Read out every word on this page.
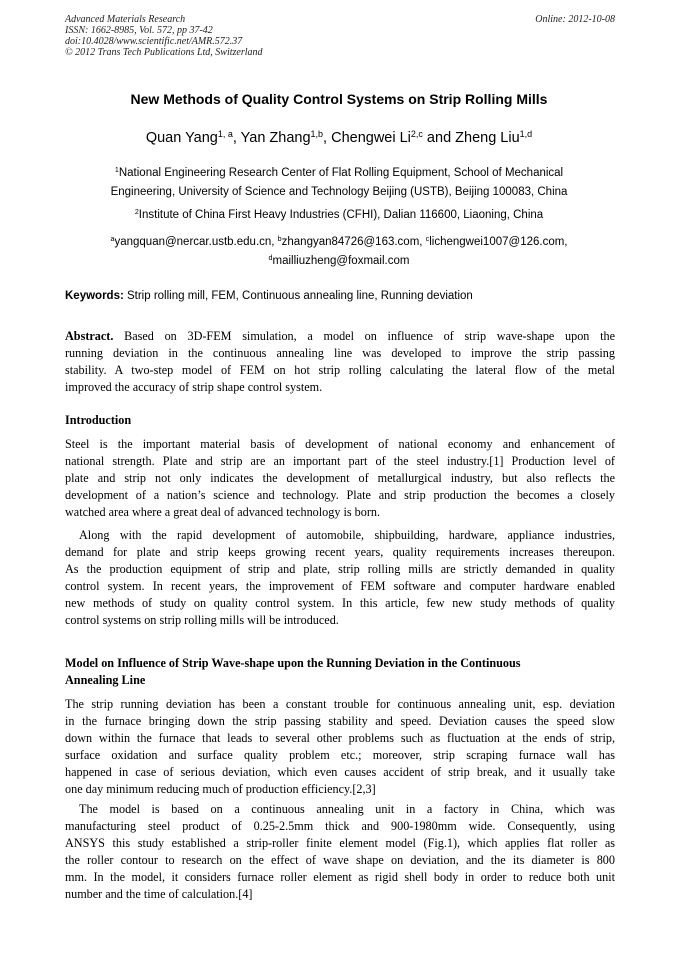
Advanced Materials Research	Online: 2012-10-08
ISSN: 1662-8985, Vol. 572, pp 37-42
doi:10.4028/www.scientific.net/AMR.572.37
© 2012 Trans Tech Publications Ltd, Switzerland
New Methods of Quality Control Systems on Strip Rolling Mills
Quan Yang$^{1, a}$, Yan Zhang$^{1,b}$, Chengwei Li$^{2,c}$ and Zheng Liu$^{1,d}$
$^1$National Engineering Research Center of Flat Rolling Equipment, School of Mechanical
Engineering, University of Science and Technology Beijing (USTB), Beijing 100083, China
$^2$Institute of China First Heavy Industries (CFHI), Dalian 116600, Liaoning, China
$^a$yangquan@nercar.ustb.edu.cn, $^b$zhangyan84726@163.com, $^c$lichengwei1007@126.com,
$^d$mailliuzheng@foxmail.com
Keywords: Strip rolling mill, FEM, Continuous annealing line, Running deviation
Abstract. Based on 3D-FEM simulation, a model on influence of strip wave-shape upon the
running deviation in the continuous annealing line was developed to improve the strip passing
stability. A two-step model of FEM on hot strip rolling calculating the lateral flow of the metal
improved the accuracy of strip shape control system.
Introduction
Steel is the important material basis of development of national economy and enhancement of
national strength. Plate and strip are an important part of the steel industry.[1] Production level of
plate and strip not only indicates the development of metallurgical industry, but also reflects the
development of a nation’s science and technology. Plate and strip production the becomes a closely
watched area where a great deal of advanced technology is born.
Along with the rapid development of automobile, shipbuilding, hardware, appliance industries,
demand for plate and strip keeps growing recent years, quality requirements increases thereupon.
As the production equipment of strip and plate, strip rolling mills are strictly demanded in quality
control system. In recent years, the improvement of FEM software and computer hardware enabled
new methods of study on quality control system. In this article, few new study methods of quality
control systems on strip rolling mills will be introduced.
Model on Influence of Strip Wave-shape upon the Running Deviation in the Continuous
Annealing Line
The strip running deviation has been a constant trouble for continuous annealing unit, esp. deviation
in the furnace bringing down the strip passing stability and speed. Deviation causes the speed slow
down within the furnace that leads to several other problems such as fluctuation at the ends of strip,
surface oxidation and surface quality problem etc.; moreover, strip scraping furnace wall has
happened in case of serious deviation, which even causes accident of strip break, and it usually take
one day minimum reducing much of production efficiency.[2,3]
The model is based on a continuous annealing unit in a factory in China, which was
manufacturing steel product of 0.25-2.5mm thick and 900-1980mm wide. Consequently, using
ANSYS this study established a strip-roller finite element model (Fig.1), which applies flat roller as
the roller contour to research on the effect of wave shape on deviation, and the its diameter is 800
mm. In the model, it considers furnace roller element as rigid shell body in order to reduce both unit
number and the time of calculation.[4]
